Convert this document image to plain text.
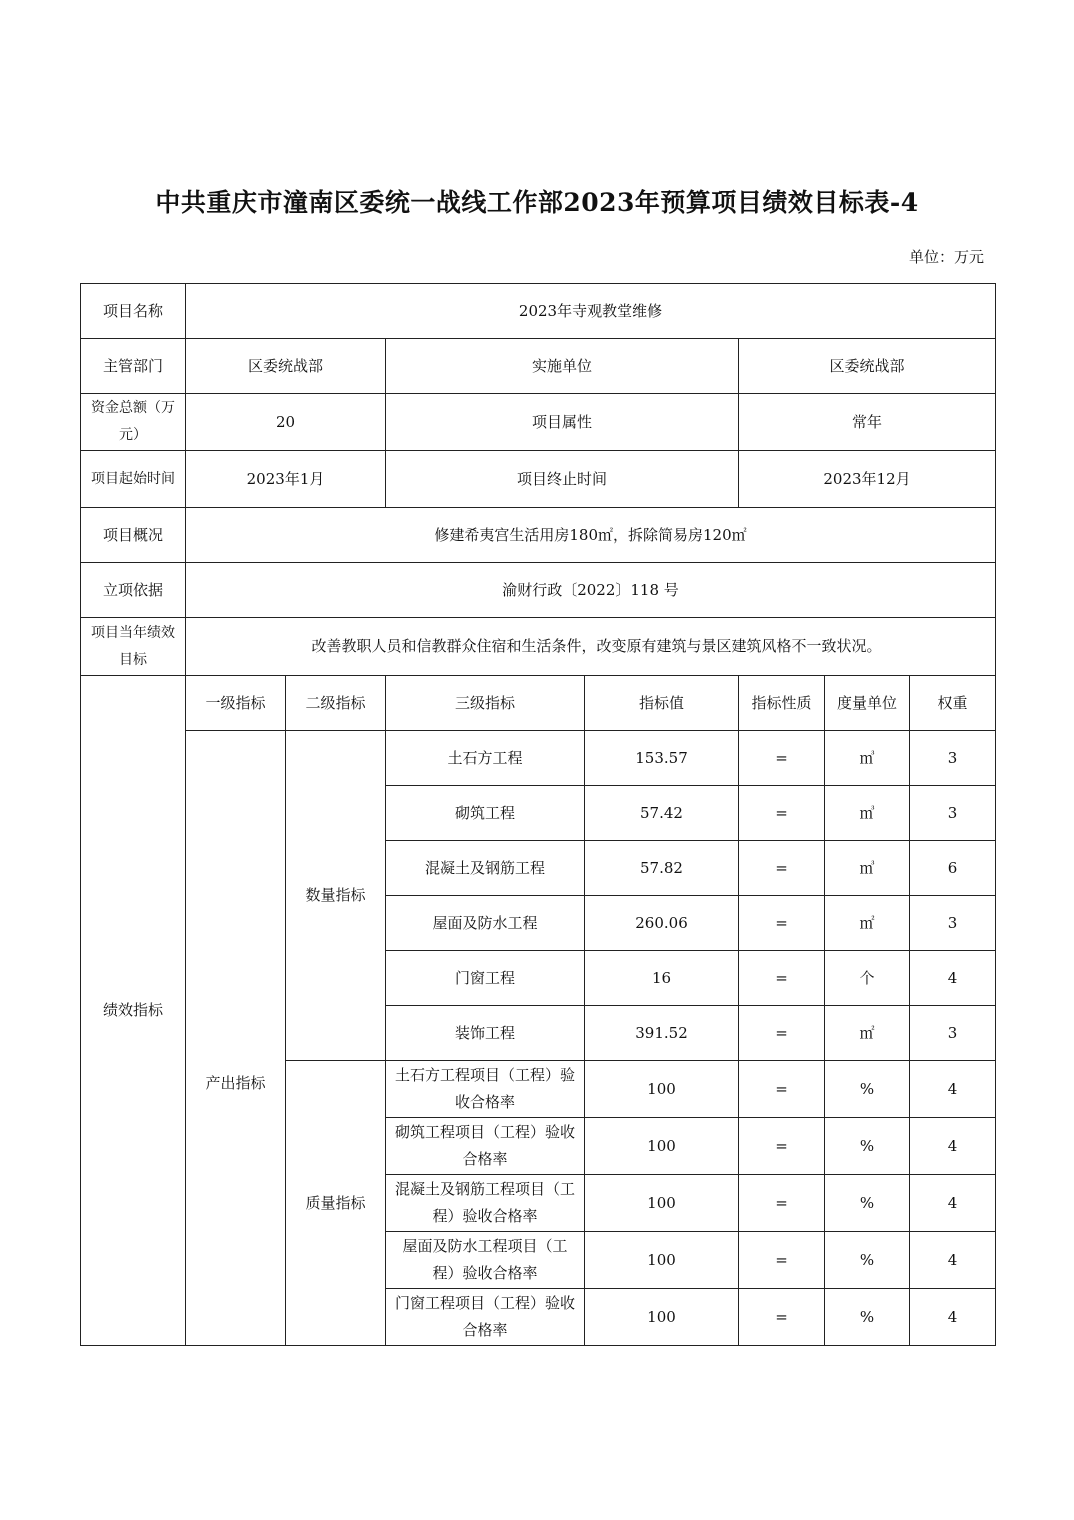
中共重庆市潼南区委统一战线工作部2023年预算项目绩效目标表-4
单位：万元
项目名称	2023年寺观教堂维修						
主管部门	区委统战部		实施单位		区委统战部		
资金总额（万元）	20		项目属性		常年		
项目起始时间	2023年1月		项目终止时间		2023年12月		
项目概况	修建希夷宫生活用房180㎡，拆除简易房120㎡						
立项依据	渝财行政〔2022〕118 号						
项目当年绩效目标	改善教职人员和信教群众住宿和生活条件，改变原有建筑与景区建筑风格不一致状况。						
绩效指标	一级指标	二级指标	三级指标	指标值	指标性质	度量单位	权重
	产出指标	数量指标	土石方工程	153.57	=	㎥	3
			砌筑工程	57.42	=	㎥	3
			混凝土及钢筋工程	57.82	=	㎥	6
			屋面及防水工程	260.06	=	㎡	3
			门窗工程	16	=	个	4
			装饰工程	391.52	=	㎡	3
		质量指标	土石方工程项目（工程）验收合格率	100	=	%	4
			砌筑工程项目（工程）验收合格率	100	=	%	4
			混凝土及钢筋工程项目（工程）验收合格率	100	=	%	4
			屋面及防水工程项目（工程）验收合格率	100	=	%	4
			门窗工程项目（工程）验收合格率	100	=	%	4
